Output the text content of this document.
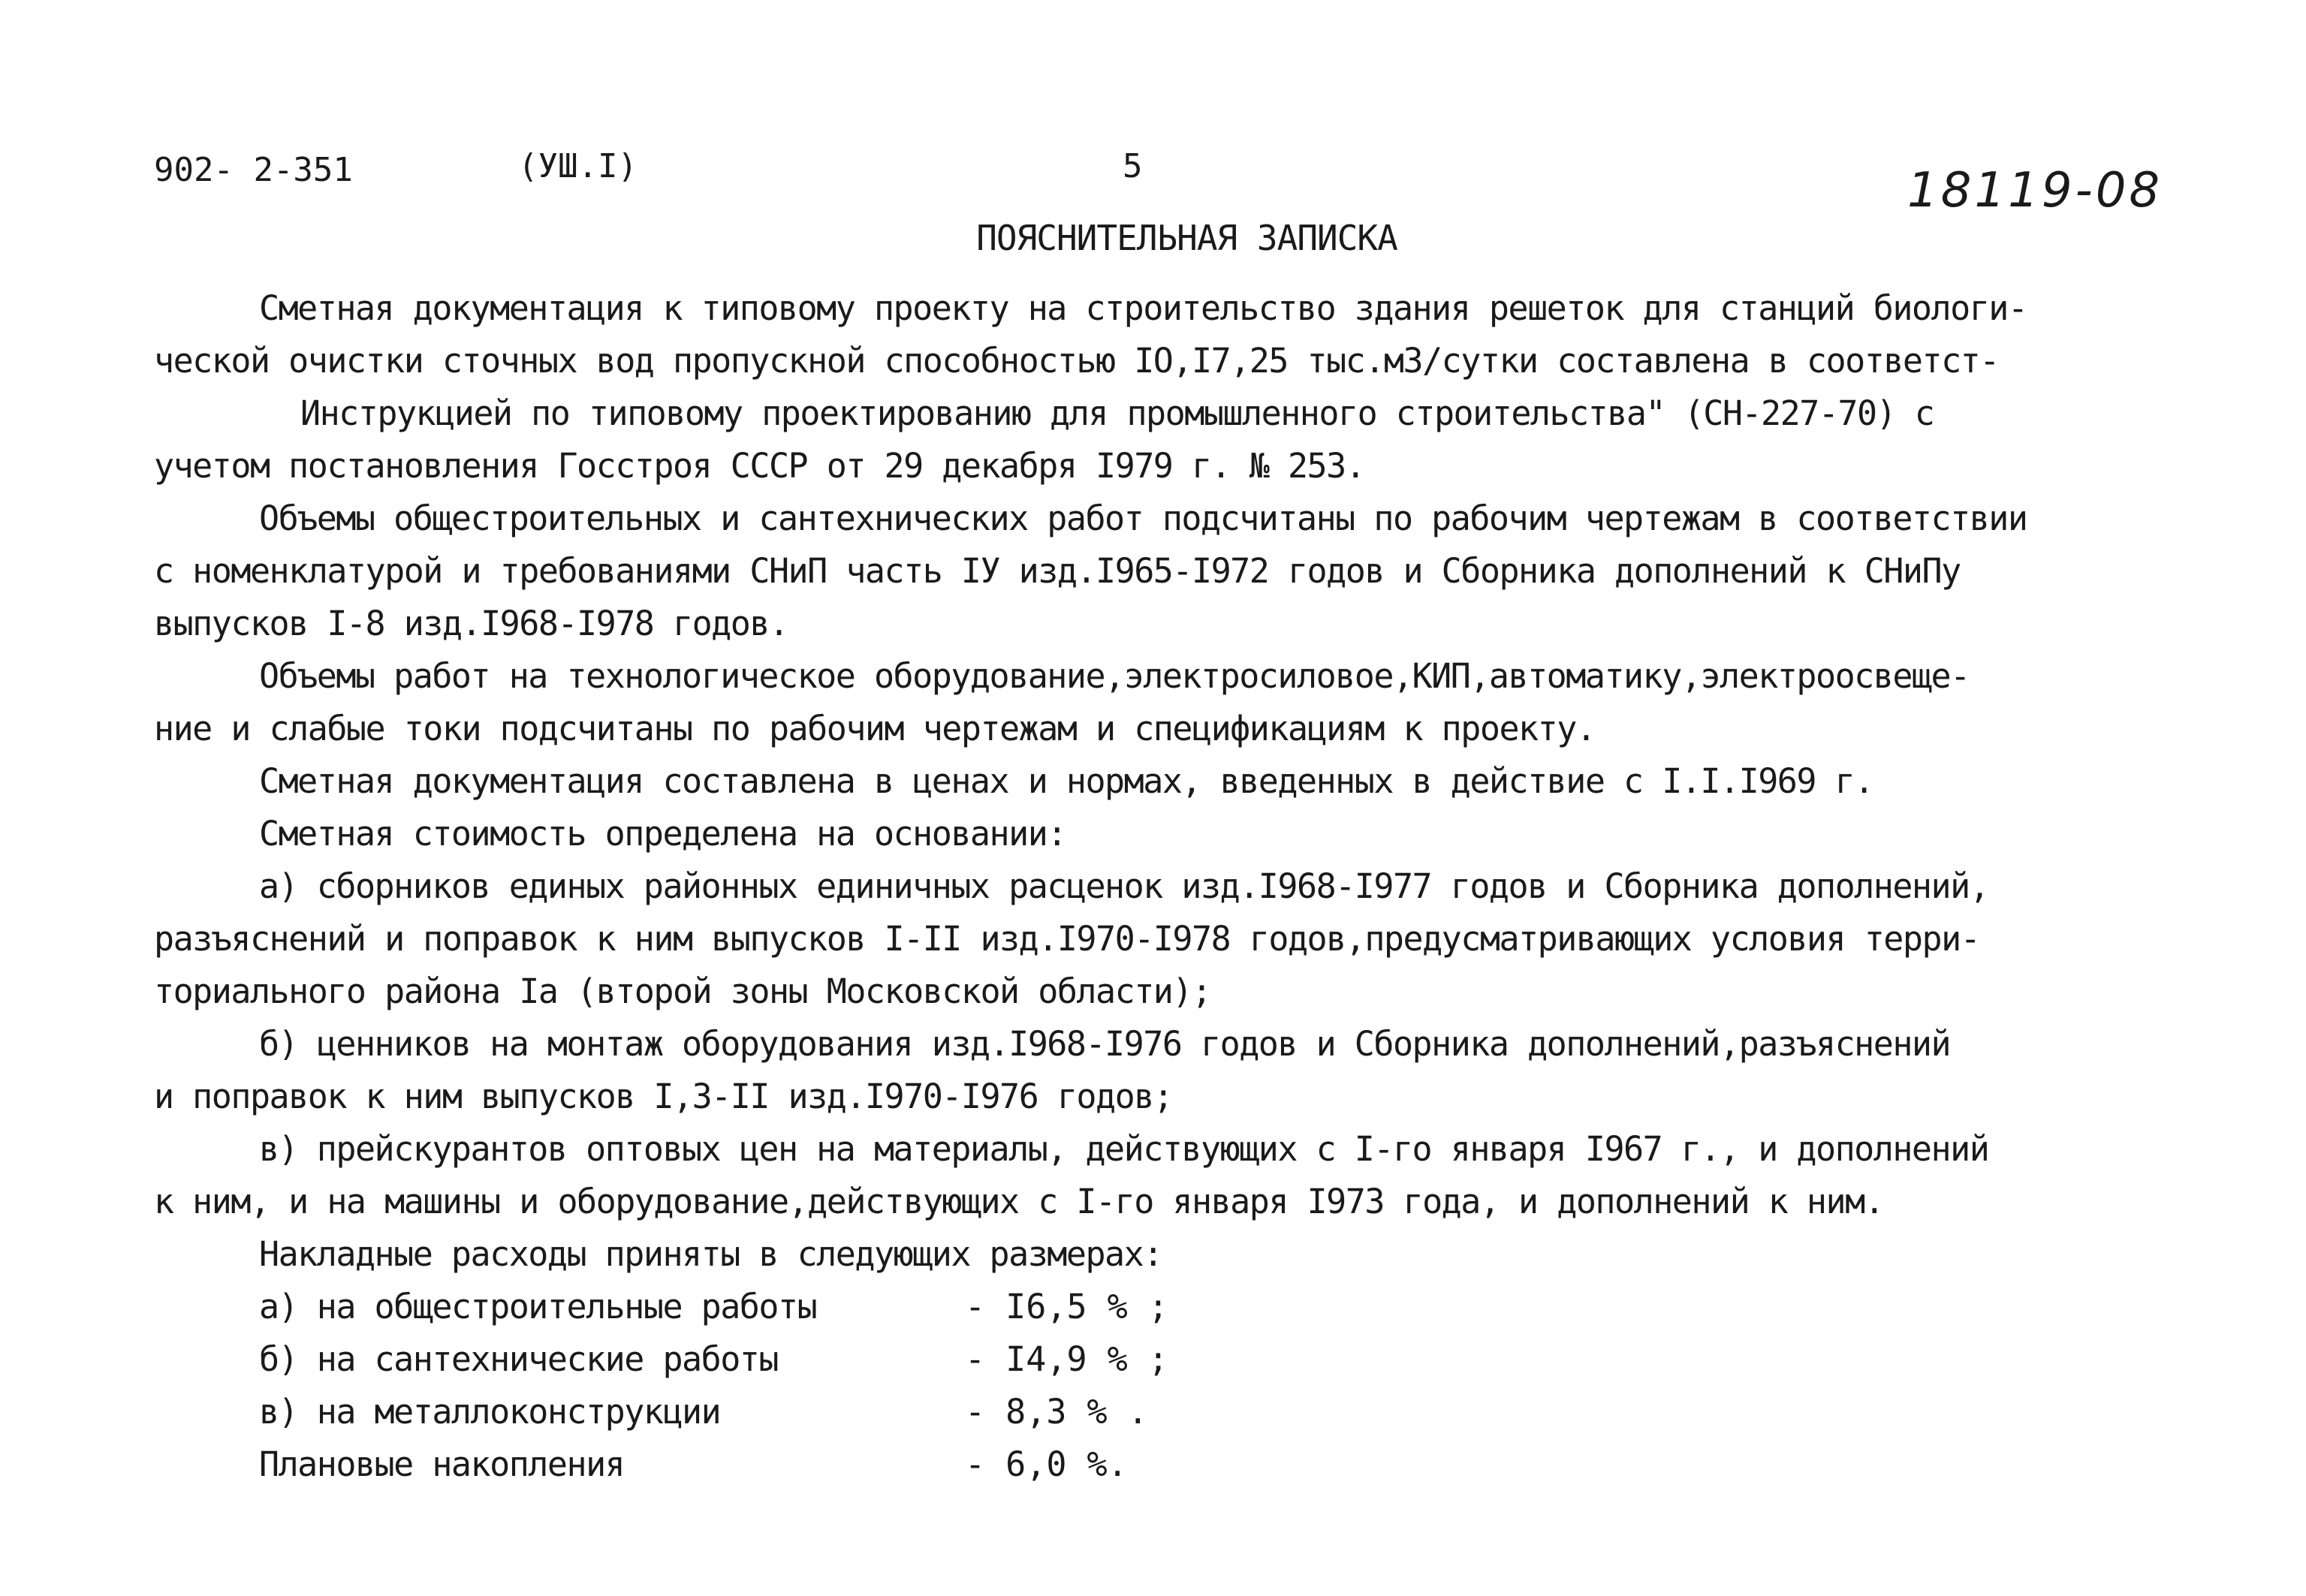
902- 2-351	(УШ.I)	5	18119-08
ПОЯСНИТЕЛЬНАЯ ЗАПИСКА
Сметная документация к типовому проекту на строительство здания решеток для станций биологи-
ческой очистки сточных вод пропускной способностью IO,I7,25 тыс.м3/сутки составлена в соответст-
Инструкцией по типовому проектированию для промышленного строительства" (СН-227-70) с
учетом постановления Госстроя СССР от 29 декабря I979 г. № 253.
Объемы общестроительных и сантехнических работ подсчитаны по рабочим чертежам в соответствии
с номенклатурой и требованиями СНиП часть IУ изд.I965-I972 годов и Сборника дополнений к СНиПу
выпусков I-8 изд.I968-I978 годов.
Объемы работ на технологическое оборудование,электросиловое,КИП,автоматику,электроосвеще-
ние и слабые токи подсчитаны по рабочим чертежам и спецификациям к проекту.
Сметная документация составлена в ценах и нормах, введенных в действие с I.I.I969 г.
Сметная стоимость определена на основании:
а) сборников единых районных единичных расценок изд.I968-I977 годов и Сборника дополнений,
разъяснений и поправок к ним выпусков I-II изд.I970-I978 годов,предусматривающих условия терри-
ториального района Iа (второй зоны Московской области);
б) ценников на монтаж оборудования изд.I968-I976 годов и Сборника дополнений,разъяснений
и поправок к ним выпусков I,3-II изд.I970-I976 годов;
в) прейскурантов оптовых цен на материалы, действующих с I-го января I967 г., и дополнений
к ним, и на машины и оборудование,действующих с I-го января I973 года, и дополнений к ним.
Накладные расходы приняты в следующих размерах:
а) на общестроительные работы	- I6,5 % ;
б) на сантехнические работы	- I4,9 % ;
в) на металлоконструкции	- 8,3 % .
Плановые накопления	- 6,0 %.
